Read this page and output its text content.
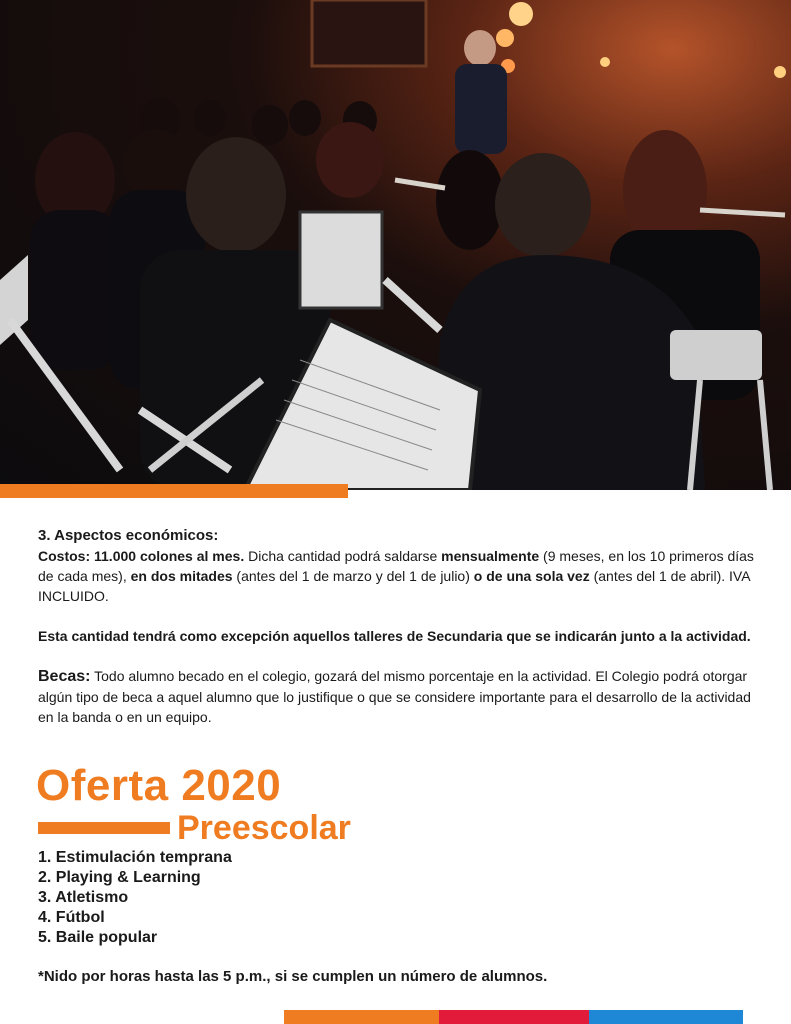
3. Aspectos económicos:

Costos: 11.000 colones al mes. Dicha cantidad podrá saldarse mensualmente (9 meses, en los 10 primeros días de cada mes), en dos mitades (antes del 1 de marzo y del 1 de julio) o de una sola vez (antes del 1 de abril). IVA INCLUIDO.

Esta cantidad tendrá como excepción aquellos talleres de Secundaria que se indicarán junto a la actividad.

Becas: Todo alumno becado en el colegio, gozará del mismo porcentaje en la actividad. El Colegio podrá otorgar algún tipo de beca a aquel alumno que lo justifique o que se considere importante para el desarrollo de la actividad en la banda o en un equipo.

Oferta 2020
Preescolar
1. Estimulación temprana
2. Playing & Learning
3. Atletismo
4. Fútbol
5. Baile popular
*Nido por horas hasta las 5 p.m., si se cumplen un número de alumnos.
